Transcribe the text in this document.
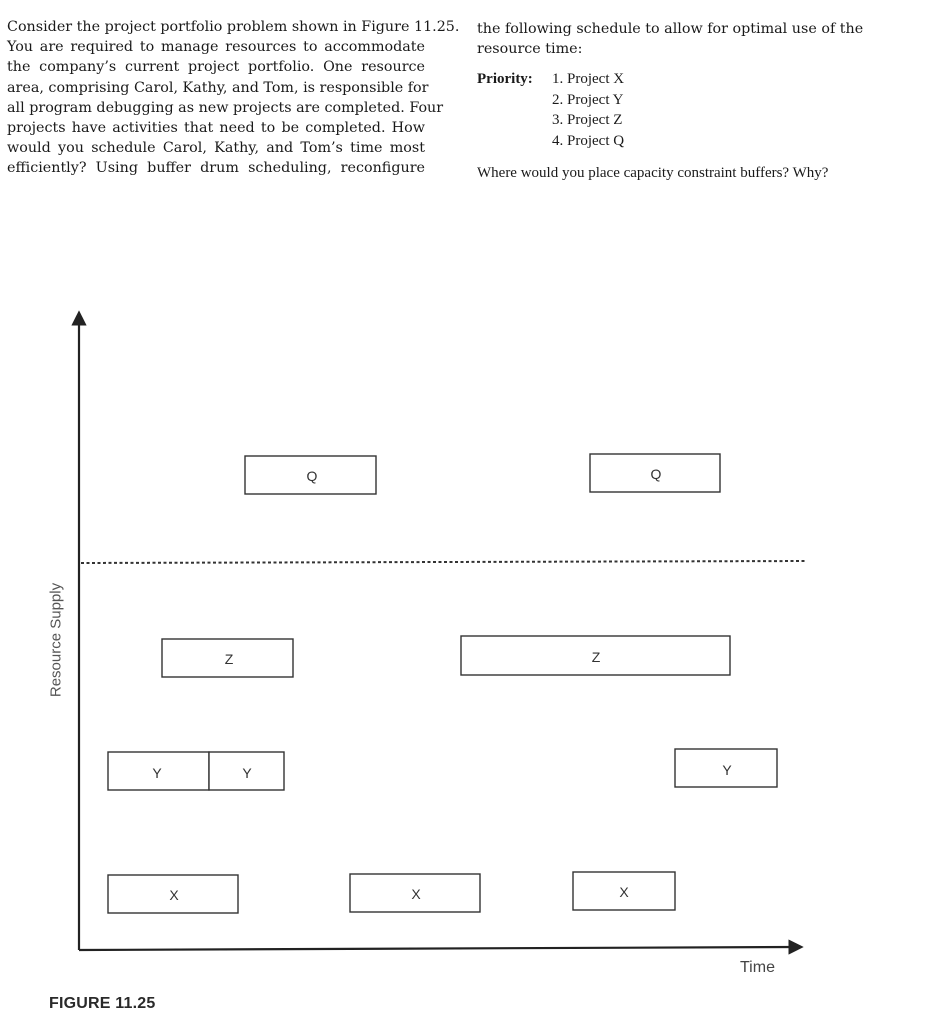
Consider the project portfolio problem shown in Figure 11.25.
You are required to manage resources to accommodate
the company’s current project portfolio. One resource
area, comprising Carol, Kathy, and Tom, is responsible for
all program debugging as new projects are completed. Four
projects have activities that need to be completed. How
would you schedule Carol, Kathy, and Tom’s time most
efficiently? Using buffer drum scheduling, reconfigure
the following schedule to allow for optimal use of the
resource time:
Priority:	1. Project X
2. Project Y
3. Project Z
4. Project Q
Where would you place capacity constraint buffers? Why?
Q	Q
Z	Z
Y	Y	Y
X	X	X
Resource Supply
Time
FIGURE 11.25
